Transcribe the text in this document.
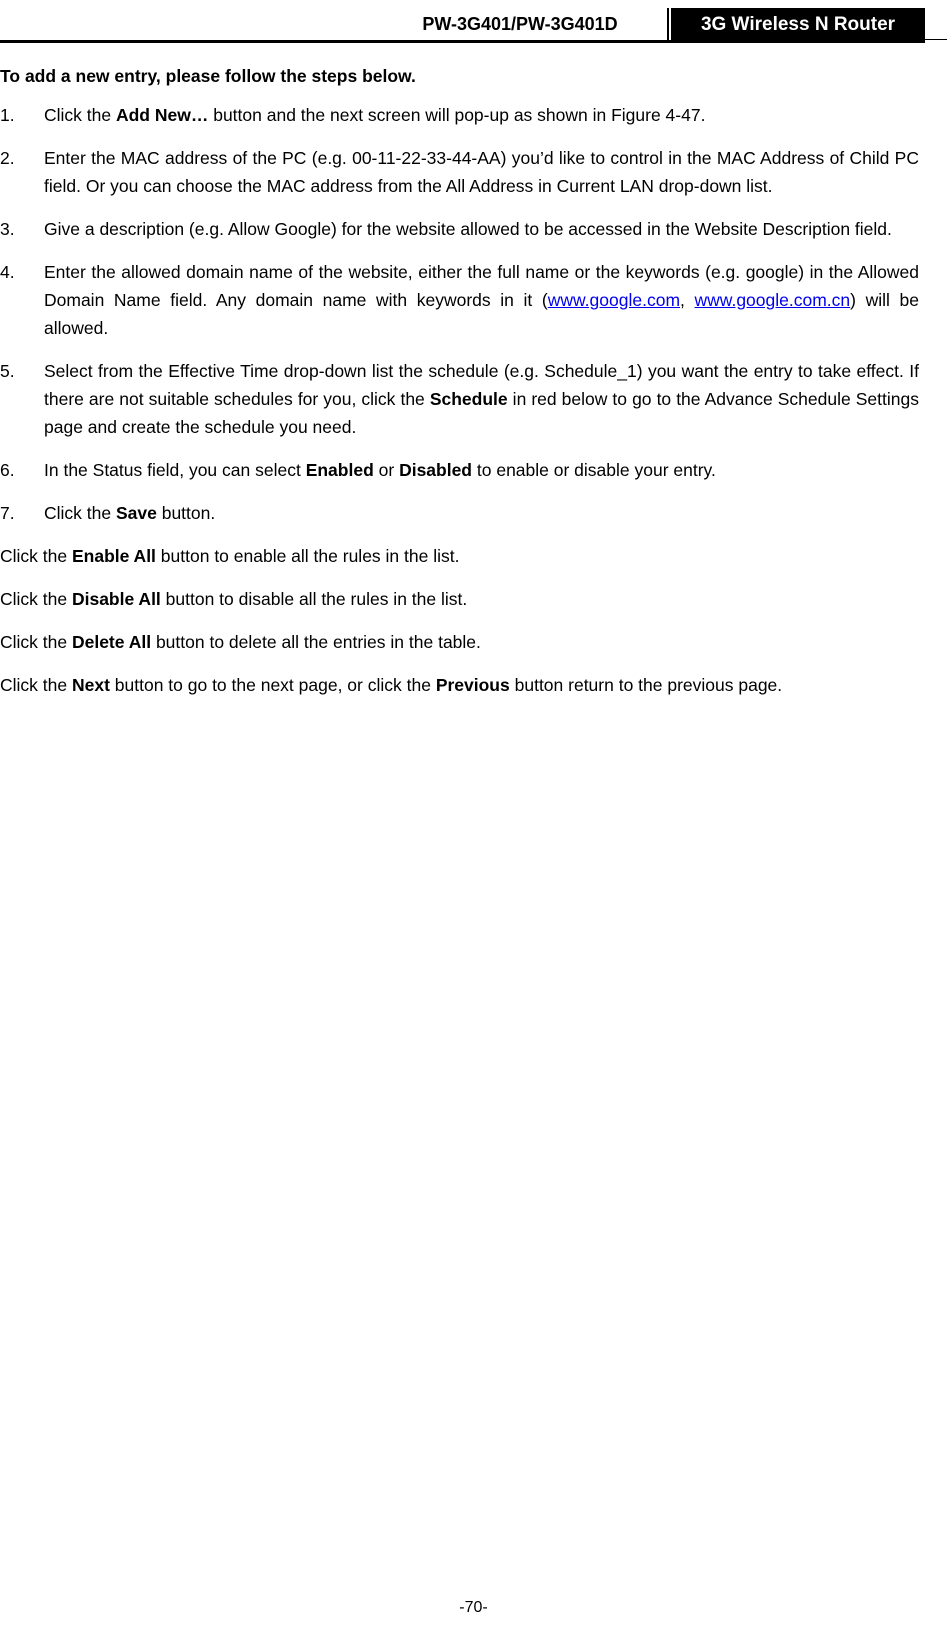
PW-3G401/PW-3G401D	3G Wireless N Router

To add a new entry, please follow the steps below.

1. Click the Add New… button and the next screen will pop-up as shown in Figure 4-47.
2. Enter the MAC address of the PC (e.g. 00-11-22-33-44-AA) you’d like to control in the MAC Address of Child PC field. Or you can choose the MAC address from the All Address in Current LAN drop-down list.
3. Give a description (e.g. Allow Google) for the website allowed to be accessed in the Website Description field.
4. Enter the allowed domain name of the website, either the full name or the keywords (e.g. google) in the Allowed Domain Name field. Any domain name with keywords in it (www.google.com, www.google.com.cn) will be allowed.
5. Select from the Effective Time drop-down list the schedule (e.g. Schedule_1) you want the entry to take effect. If there are not suitable schedules for you, click the Schedule in red below to go to the Advance Schedule Settings page and create the schedule you need.
6. In the Status field, you can select Enabled or Disabled to enable or disable your entry.
7. Click the Save button.

Click the Enable All button to enable all the rules in the list.

Click the Disable All button to disable all the rules in the list.

Click the Delete All button to delete all the entries in the table.

Click the Next button to go to the next page, or click the Previous button return to the previous page.

-70-
